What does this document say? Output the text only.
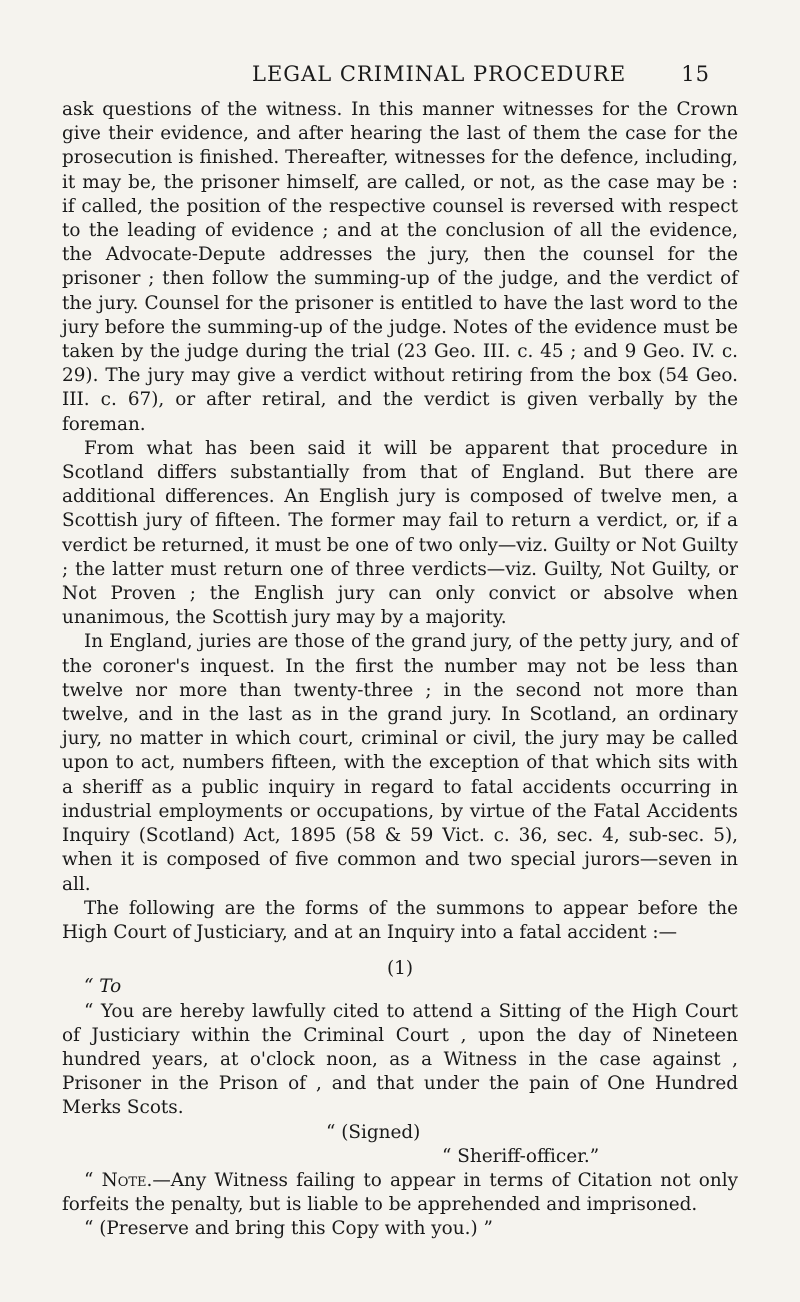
LEGAL CRIMINAL PROCEDURE	15

ask questions of the witness. In this manner witnesses for the Crown give their evidence, and after hearing the last of them the case for the prosecution is finished. Thereafter, witnesses for the defence, including, it may be, the prisoner himself, are called, or not, as the case may be : if called, the position of the respective counsel is reversed with respect to the leading of evidence ; and at the conclusion of all the evidence, the Advocate-Depute addresses the jury, then the counsel for the prisoner ; then follow the summing-up of the judge, and the verdict of the jury. Counsel for the prisoner is entitled to have the last word to the jury before the summing-up of the judge. Notes of the evidence must be taken by the judge during the trial (23 Geo. III. c. 45 ; and 9 Geo. IV. c. 29). The jury may give a verdict without retiring from the box (54 Geo. III. c. 67), or after retiral, and the verdict is given verbally by the foreman.

From what has been said it will be apparent that procedure in Scotland differs substantially from that of England. But there are additional differences. An English jury is composed of twelve men, a Scottish jury of fifteen. The former may fail to return a verdict, or, if a verdict be returned, it must be one of two only—viz. Guilty or Not Guilty ; the latter must return one of three verdicts—viz. Guilty, Not Guilty, or Not Proven ; the English jury can only convict or absolve when unanimous, the Scottish jury may by a majority.

In England, juries are those of the grand jury, of the petty jury, and of the coroner's inquest. In the first the number may not be less than twelve nor more than twenty-three ; in the second not more than twelve, and in the last as in the grand jury. In Scotland, an ordinary jury, no matter in which court, criminal or civil, the jury may be called upon to act, numbers fifteen, with the exception of that which sits with a sheriff as a public inquiry in regard to fatal accidents occurring in industrial employments or occupations, by virtue of the Fatal Accidents Inquiry (Scotland) Act, 1895 (58 & 59 Vict. c. 36, sec. 4, sub-sec. 5), when it is composed of five common and two special jurors—seven in all.

The following are the forms of the summons to appear before the High Court of Justiciary, and at an Inquiry into a fatal accident :—

(1)

“ To

“ You are hereby lawfully cited to attend a Sitting of the High Court of Justiciary within the Criminal Court , upon the day of Nineteen hundred years, at o'clock noon, as a Witness in the case against , Prisoner in the Prison of , and that under the pain of One Hundred Merks Scots.

“ (Signed)

“ Sheriff-officer.”

“ Note.—Any Witness failing to appear in terms of Citation not only forfeits the penalty, but is liable to be apprehended and imprisoned.

“ (Preserve and bring this Copy with you.) ”
